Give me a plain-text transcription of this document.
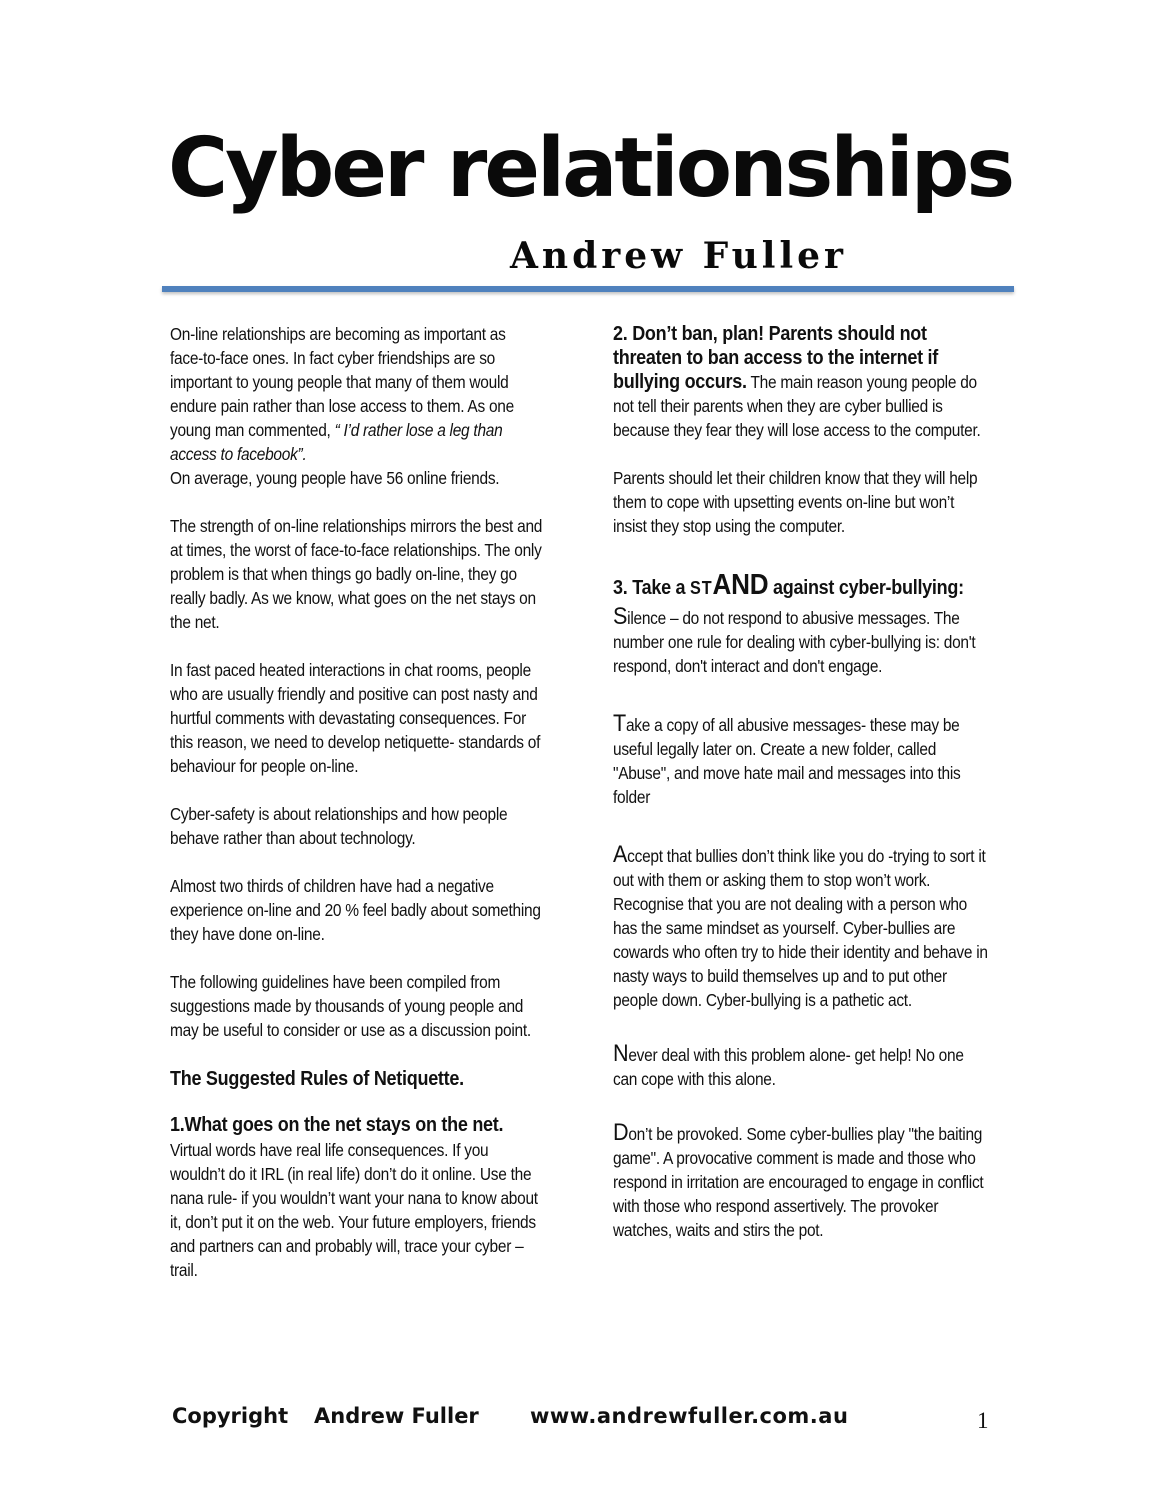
Cyber relationships
Andrew Fuller

On-line relationships are becoming as important as face-to-face ones. In fact cyber friendships are so important to young people that many of them would endure pain rather than lose access to them. As one young man commented, “ I’d rather lose a leg than access to facebook”.
On average, young people have 56 online friends.

The strength of on-line relationships mirrors the best and at times, the worst of face-to-face relationships. The only problem is that when things go badly on-line, they go really badly. As we know, what goes on the net stays on the net.

In fast paced heated interactions in chat rooms, people who are usually friendly and positive can post nasty and hurtful comments with devastating consequences. For this reason, we need to develop netiquette- standards of behaviour for people on-line.

Cyber-safety is about relationships and how people behave rather than about technology.

Almost two thirds of children have had a negative experience on-line and 20 % feel badly about something they have done on-line.

The following guidelines have been compiled from suggestions made by thousands of young people and may be useful to consider or use as a discussion point.

The Suggested Rules of Netiquette.

1.What goes on the net stays on the net.
Virtual words have real life consequences. If you wouldn’t do it IRL (in real life) don’t do it online. Use the nana rule- if you wouldn’t want your nana to know about it, don’t put it on the web. Your future employers, friends and partners can and probably will, trace your cyber –trail.

2. Don’t ban, plan! Parents should not threaten to ban access to the internet if bullying occurs. The main reason young people do not tell their parents when they are cyber bullied is because they fear they will lose access to the computer.

Parents should let their children know that they will help them to cope with upsetting events on-line but won’t insist they stop using the computer.

3. Take a STAND against cyber-bullying:

Silence – do not respond to abusive messages. The number one rule for dealing with cyber-bullying is: don't respond, don't interact and don't engage.

Take a copy of all abusive messages- these may be useful legally later on. Create a new folder, called "Abuse", and move hate mail and messages into this folder

Accept that bullies don’t think like you do -trying to sort it out with them or asking them to stop won’t work. Recognise that you are not dealing with a person who has the same mindset as yourself. Cyber-bullies are cowards who often try to hide their identity and behave in nasty ways to build themselves up and to put other people down. Cyber-bullying is a pathetic act.

Never deal with this problem alone- get help! No one can cope with this alone.

Don’t be provoked. Some cyber-bullies play "the baiting game". A provocative comment is made and those who respond in irritation are encouraged to engage in conflict with those who respond assertively. The provoker watches, waits and stirs the pot.

Copyright Andrew Fuller www.andrewfuller.com.au	1
